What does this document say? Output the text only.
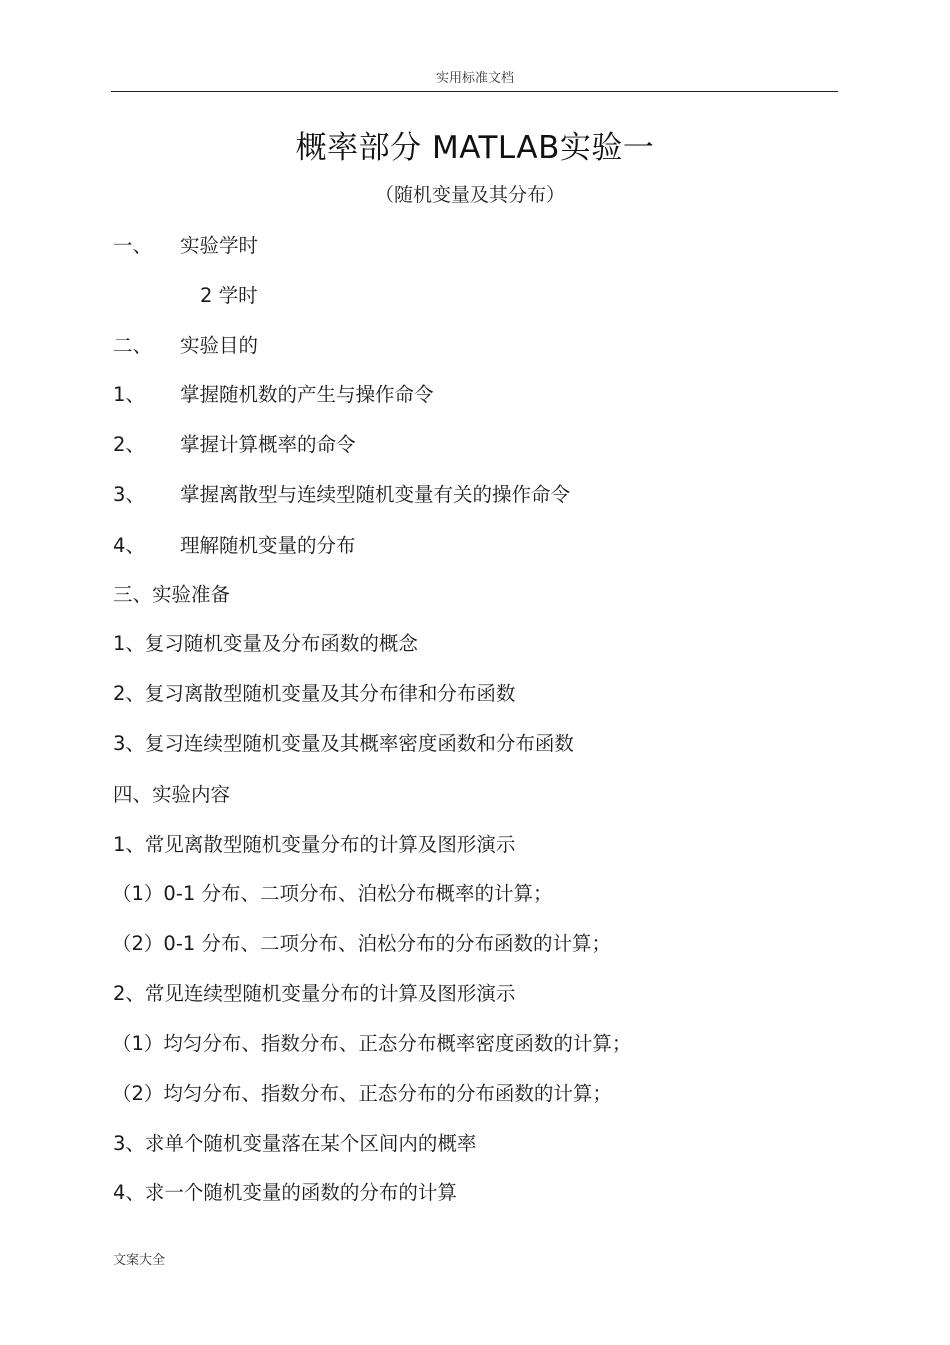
实用标准文档
概率部分 MATLAB实验一
（随机变量及其分布）
一、 实验学时
2 学时
二、 实验目的
1、 掌握随机数的产生与操作命令
2、 掌握计算概率的命令
3、 掌握离散型与连续型随机变量有关的操作命令
4、 理解随机变量的分布
三、实验准备
1、复习随机变量及分布函数的概念
2、复习离散型随机变量及其分布律和分布函数
3、复习连续型随机变量及其概率密度函数和分布函数
四、实验内容
1、常见离散型随机变量分布的计算及图形演示
（1）0-1 分布、二项分布、泊松分布概率的计算；
（2）0-1 分布、二项分布、泊松分布的分布函数的计算；
2、常见连续型随机变量分布的计算及图形演示
（1）均匀分布、指数分布、正态分布概率密度函数的计算；
（2）均匀分布、指数分布、正态分布的分布函数的计算；
3、求单个随机变量落在某个区间内的概率
4、求一个随机变量的函数的分布的计算
文案大全
